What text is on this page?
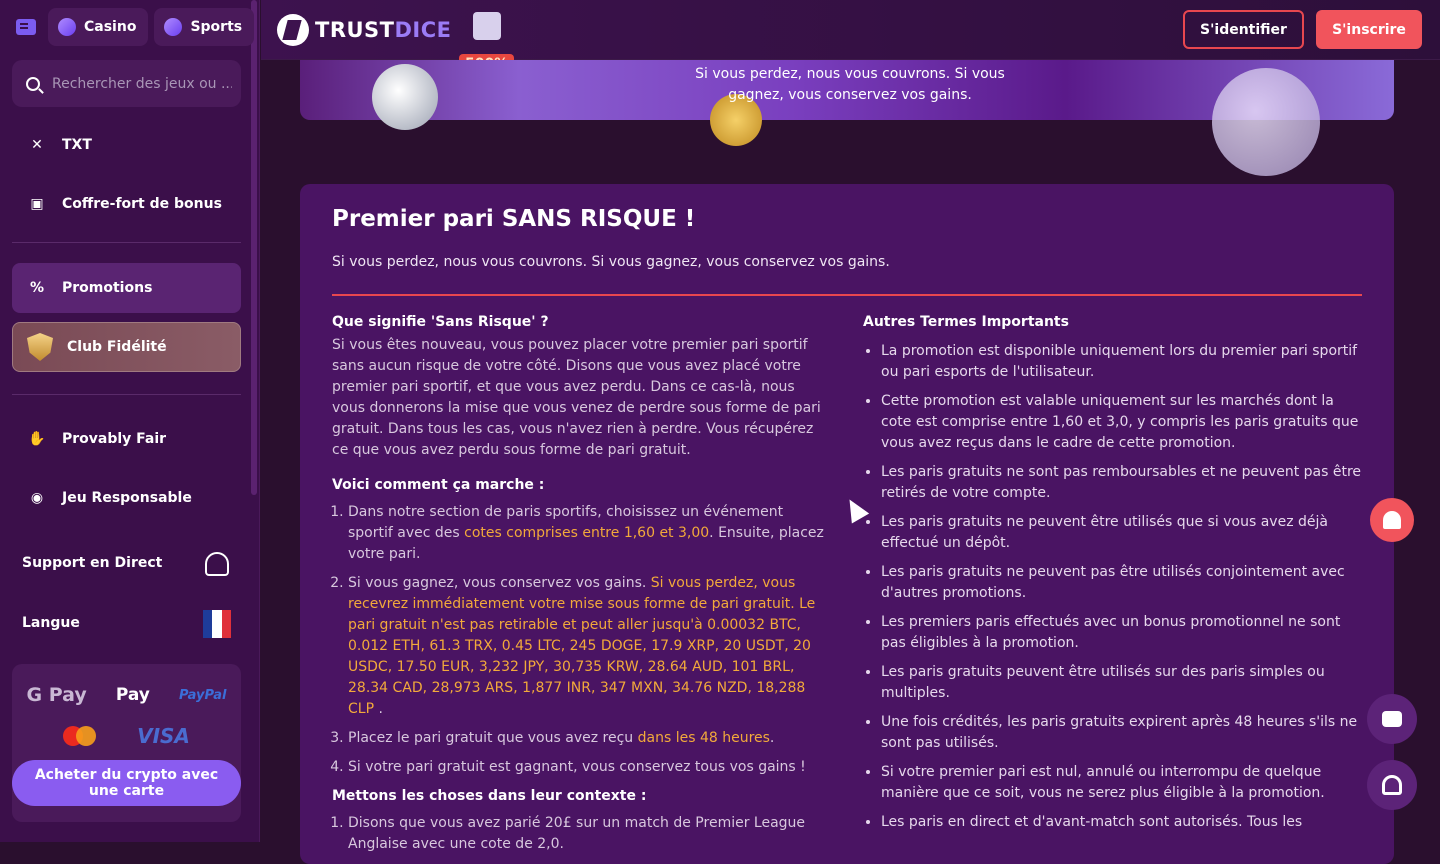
Casino	Sports
Rechercher des jeux ou ...
✕	TXT
▣	Coffre-fort de bonus
% Promotions
Club Fidélité
✋ Provably Fair
◉	Jeu Responsable
Support en Direct
Langue
G Pay Pay PayPal
VISA
Acheter du crypto avec une carte
TRUSTDICE	S'identifier	S'inscrire
Si vous perdez, nous vous couvrons. Si vous gagnez, vous conservez vos gains.
Premier pari SANS RISQUE !

Si vous perdez, nous vous couvrons. Si vous gagnez, vous conservez vos gains.

Que signifie 'Sans Risque' ?
Si vous êtes nouveau, vous pouvez placer votre premier pari sportif sans aucun risque de votre côté. Disons que vous avez placé votre premier pari sportif, et que vous avez perdu. Dans ce cas-là, nous vous donnerons la mise que vous venez de perdre sous forme de pari gratuit. Dans tous les cas, vous n'avez rien à perdre. Vous récupérez ce que vous avez perdu sous forme de pari gratuit.
Voici comment ça marche :
1. Dans notre section de paris sportifs, choisissez un événement sportif avec des cotes comprises entre 1,60 et 3,00. Ensuite, placez votre pari.
2. Si vous gagnez, vous conservez vos gains. Si vous perdez, vous recevrez immédiatement votre mise sous forme de pari gratuit. Le pari gratuit n'est pas retirable et peut aller jusqu'à 0.00032 BTC, 0.012 ETH, 61.3 TRX, 0.45 LTC, 245 DOGE, 17.9 XRP, 20 USDT, 20 USDC, 17.50 EUR, 3,232 JPY, 30,735 KRW, 28.64 AUD, 101 BRL, 28.34 CAD, 28,973 ARS, 1,877 INR, 347 MXN, 34.76 NZD, 18,288 CLP .
3. Placez le pari gratuit que vous avez reçu dans les 48 heures.
4. Si votre pari gratuit est gagnant, vous conservez tous vos gains !
Mettons les choses dans leur contexte :
1. Disons que vous avez parié 20£ sur un match de Premier League Anglaise avec une cote de 2,0.
Autres Termes Importants
• La promotion est disponible uniquement lors du premier pari sportif ou pari esports de l'utilisateur.
• Cette promotion est valable uniquement sur les marchés dont la cote est comprise entre 1,60 et 3,0, y compris les paris gratuits que vous avez reçus dans le cadre de cette promotion.
• Les paris gratuits ne sont pas remboursables et ne peuvent pas être retirés de votre compte.
• Les paris gratuits ne peuvent être utilisés que si vous avez déjà effectué un dépôt.
• Les paris gratuits ne peuvent pas être utilisés conjointement avec d'autres promotions.
• Les premiers paris effectués avec un bonus promotionnel ne sont pas éligibles à la promotion.
• Les paris gratuits peuvent être utilisés sur des paris simples ou multiples.
• Une fois crédités, les paris gratuits expirent après 48 heures s'ils ne sont pas utilisés.
• Si votre premier pari est nul, annulé ou interrompu de quelque manière que ce soit, vous ne serez plus éligible à la promotion.
• Les paris en direct et d'avant-match sont autorisés. Tous les
